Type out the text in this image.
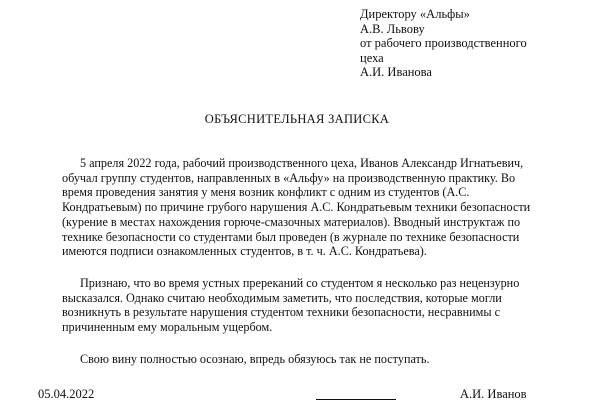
Директору «Альфы»
А.В. Львову
от рабочего производственного
цеха
А.И. Иванова
ОБЪЯСНИТЕЛЬНАЯ ЗАПИСКА

5 апреля 2022 года, рабочий производственного цеха, Иванов Александр Игнатьевич, обучал группу студентов, направленных в «Альфу» на производственную практику. Во время проведения занятия у меня возник конфликт с одним из студентов (А.С. Кондратьевым) по причине грубого нарушения А.С. Кондратьевым техники безопасности (курение в местах нахождения горюче-смазочных материалов). Вводный инструктаж по технике безопасности со студентами был проведен (в журнале по технике безопасности имеются подписи ознакомленных студентов, в т. ч. А.С. Кондратьева).

Признаю, что во время устных пререканий со студентом я несколько раз нецензурно высказался. Однако считаю необходимым заметить, что последствия, которые могли возникнуть в результате нарушения студентом техники безопасности, несравнимы с причиненным ему моральным ущербом.

Свою вину полностью осознаю, впредь обязуюсь так не поступать.

05.04.2022	А.И. Иванов
